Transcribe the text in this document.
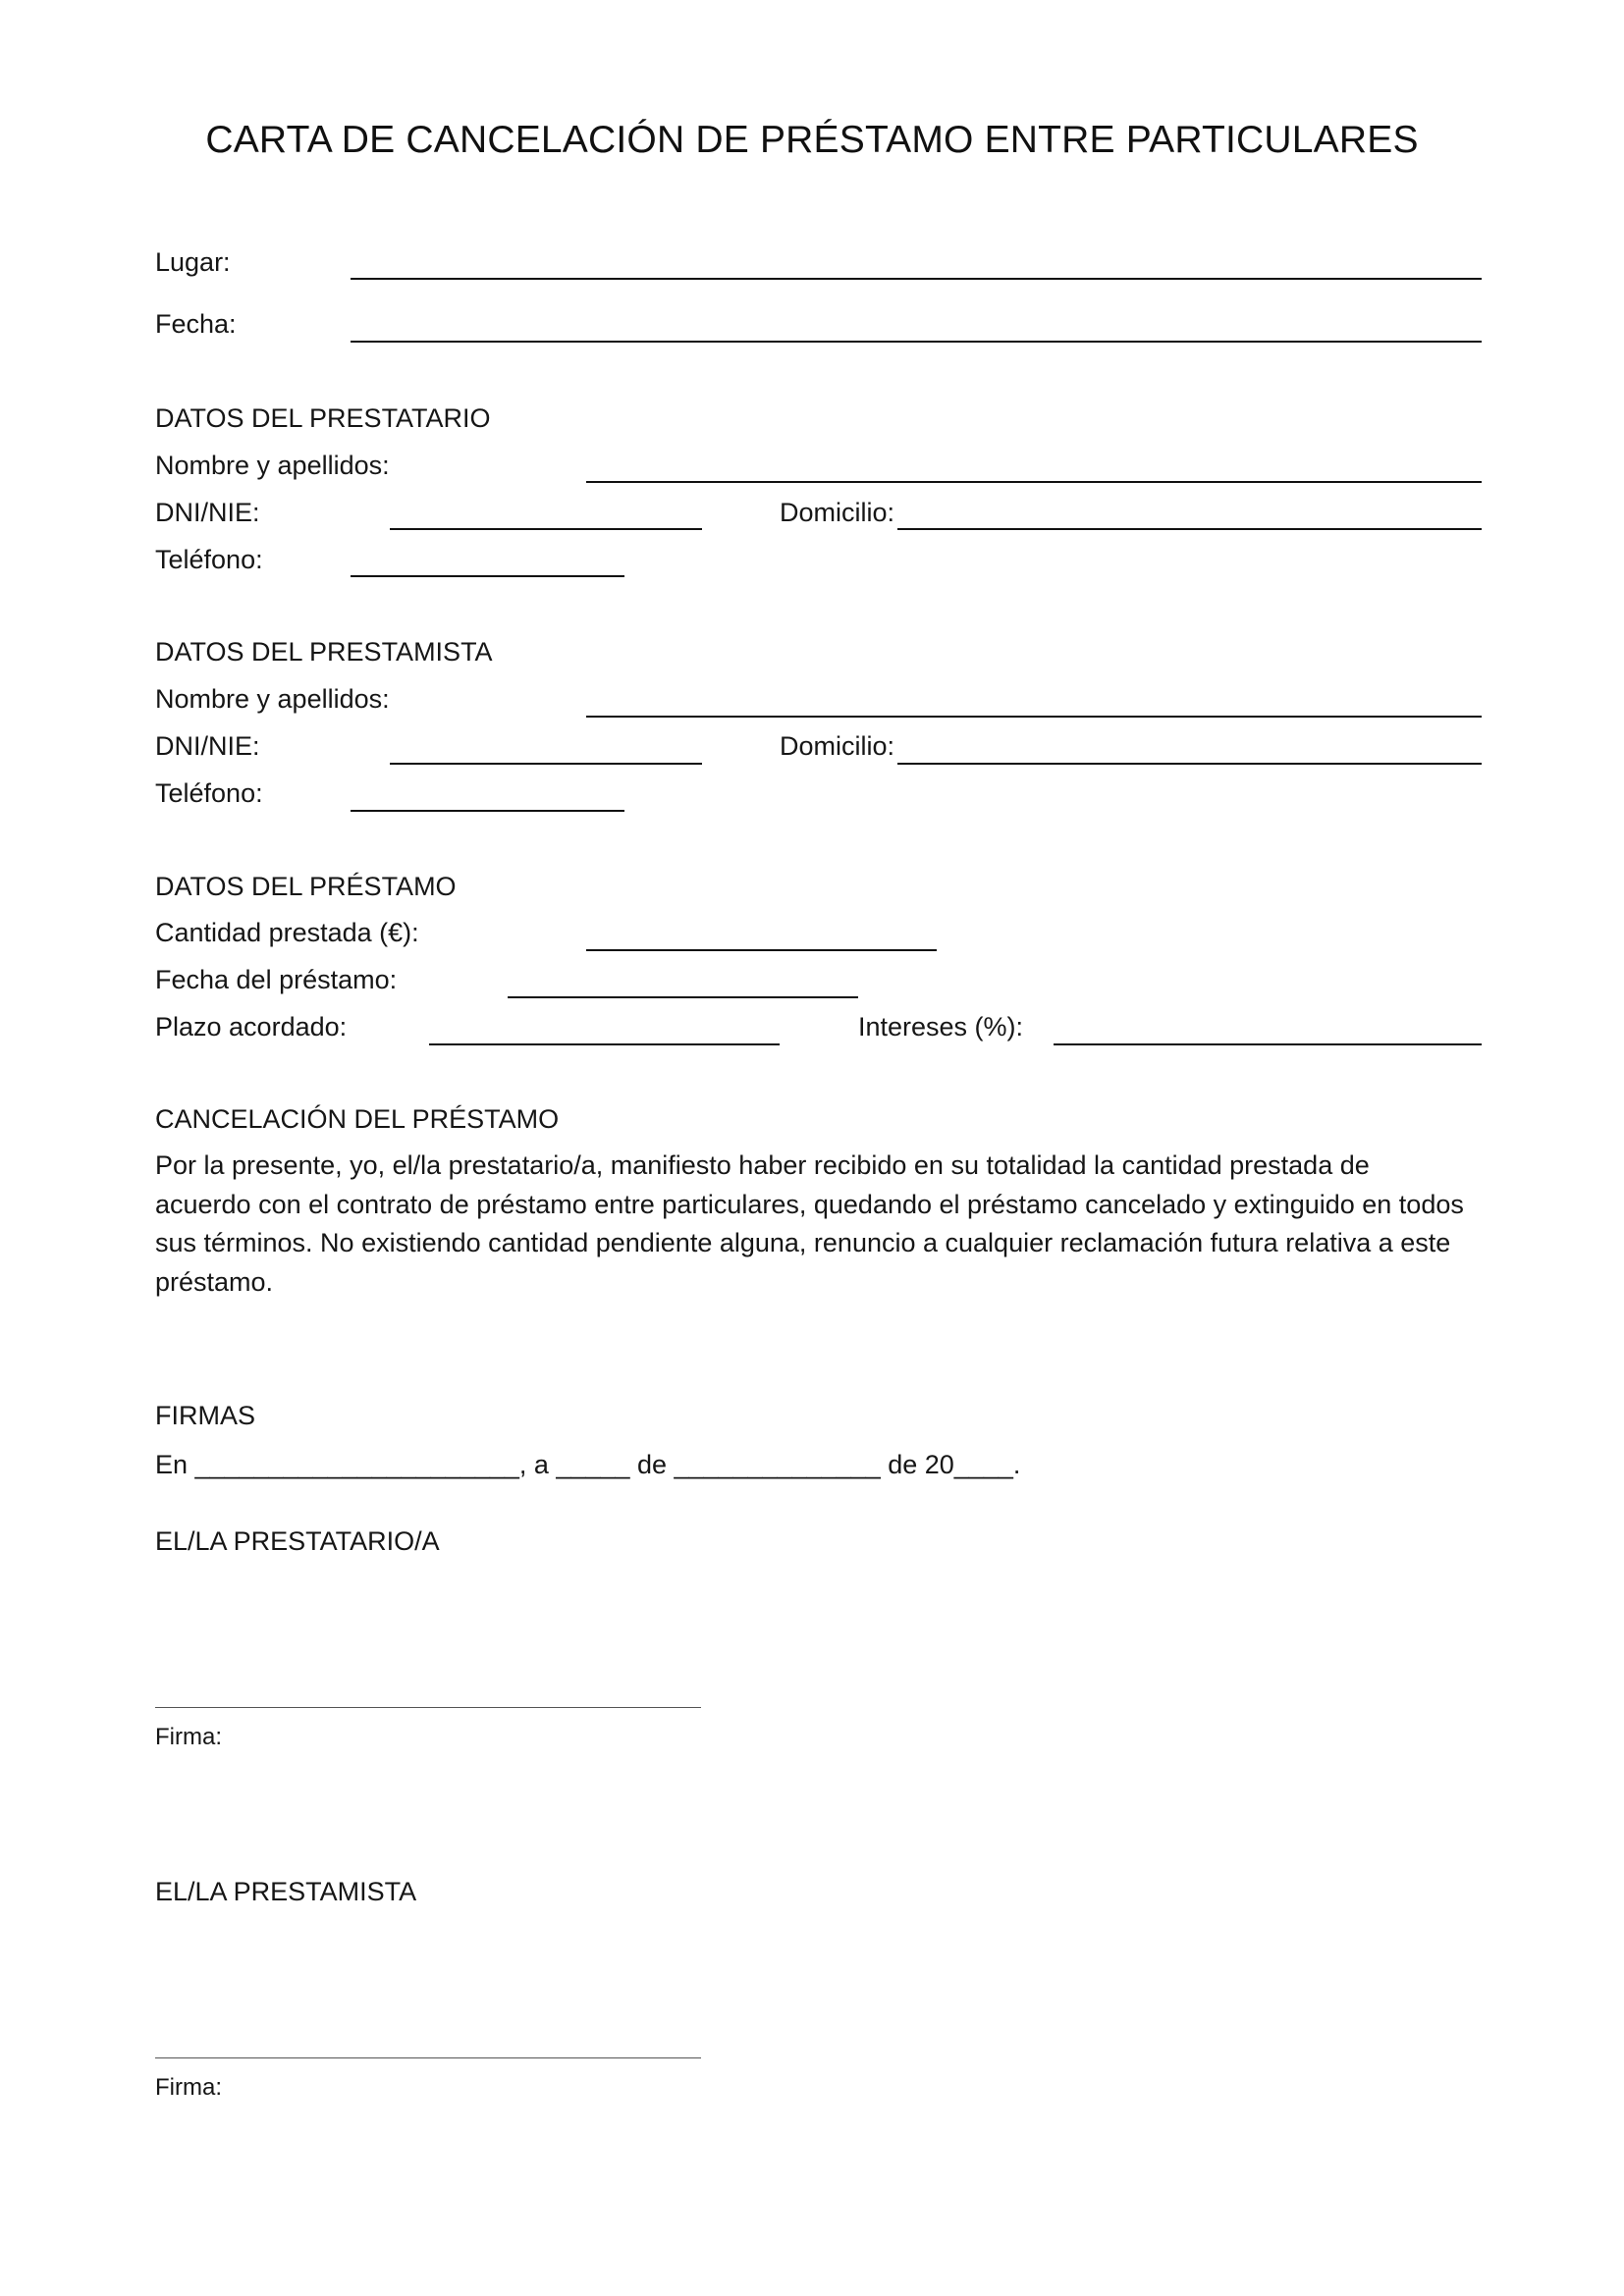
CARTA DE CANCELACIÓN DE PRÉSTAMO ENTRE PARTICULARES
Lugar:
Fecha:
DATOS DEL PRESTATARIO
Nombre y apellidos:
DNI/NIE:	Domicilio:
Teléfono:
DATOS DEL PRESTAMISTA
Nombre y apellidos:
DNI/NIE:	Domicilio:
Teléfono:
DATOS DEL PRÉSTAMO
Cantidad prestada (€):
Fecha del préstamo:
Plazo acordado:	Intereses (%):
CANCELACIÓN DEL PRÉSTAMO
Por la presente, yo, el/la prestatario/a, manifiesto haber recibido en su totalidad la cantidad prestada de acuerdo con el contrato de préstamo entre particulares, quedando el préstamo cancelado y extinguido en todos sus términos. No existiendo cantidad pendiente alguna, renuncio a cualquier reclamación futura relativa a este préstamo.
FIRMAS
En ______________________, a _____ de ______________ de 20____.
EL/LA PRESTATARIO/A
Firma:
EL/LA PRESTAMISTA
Firma:
